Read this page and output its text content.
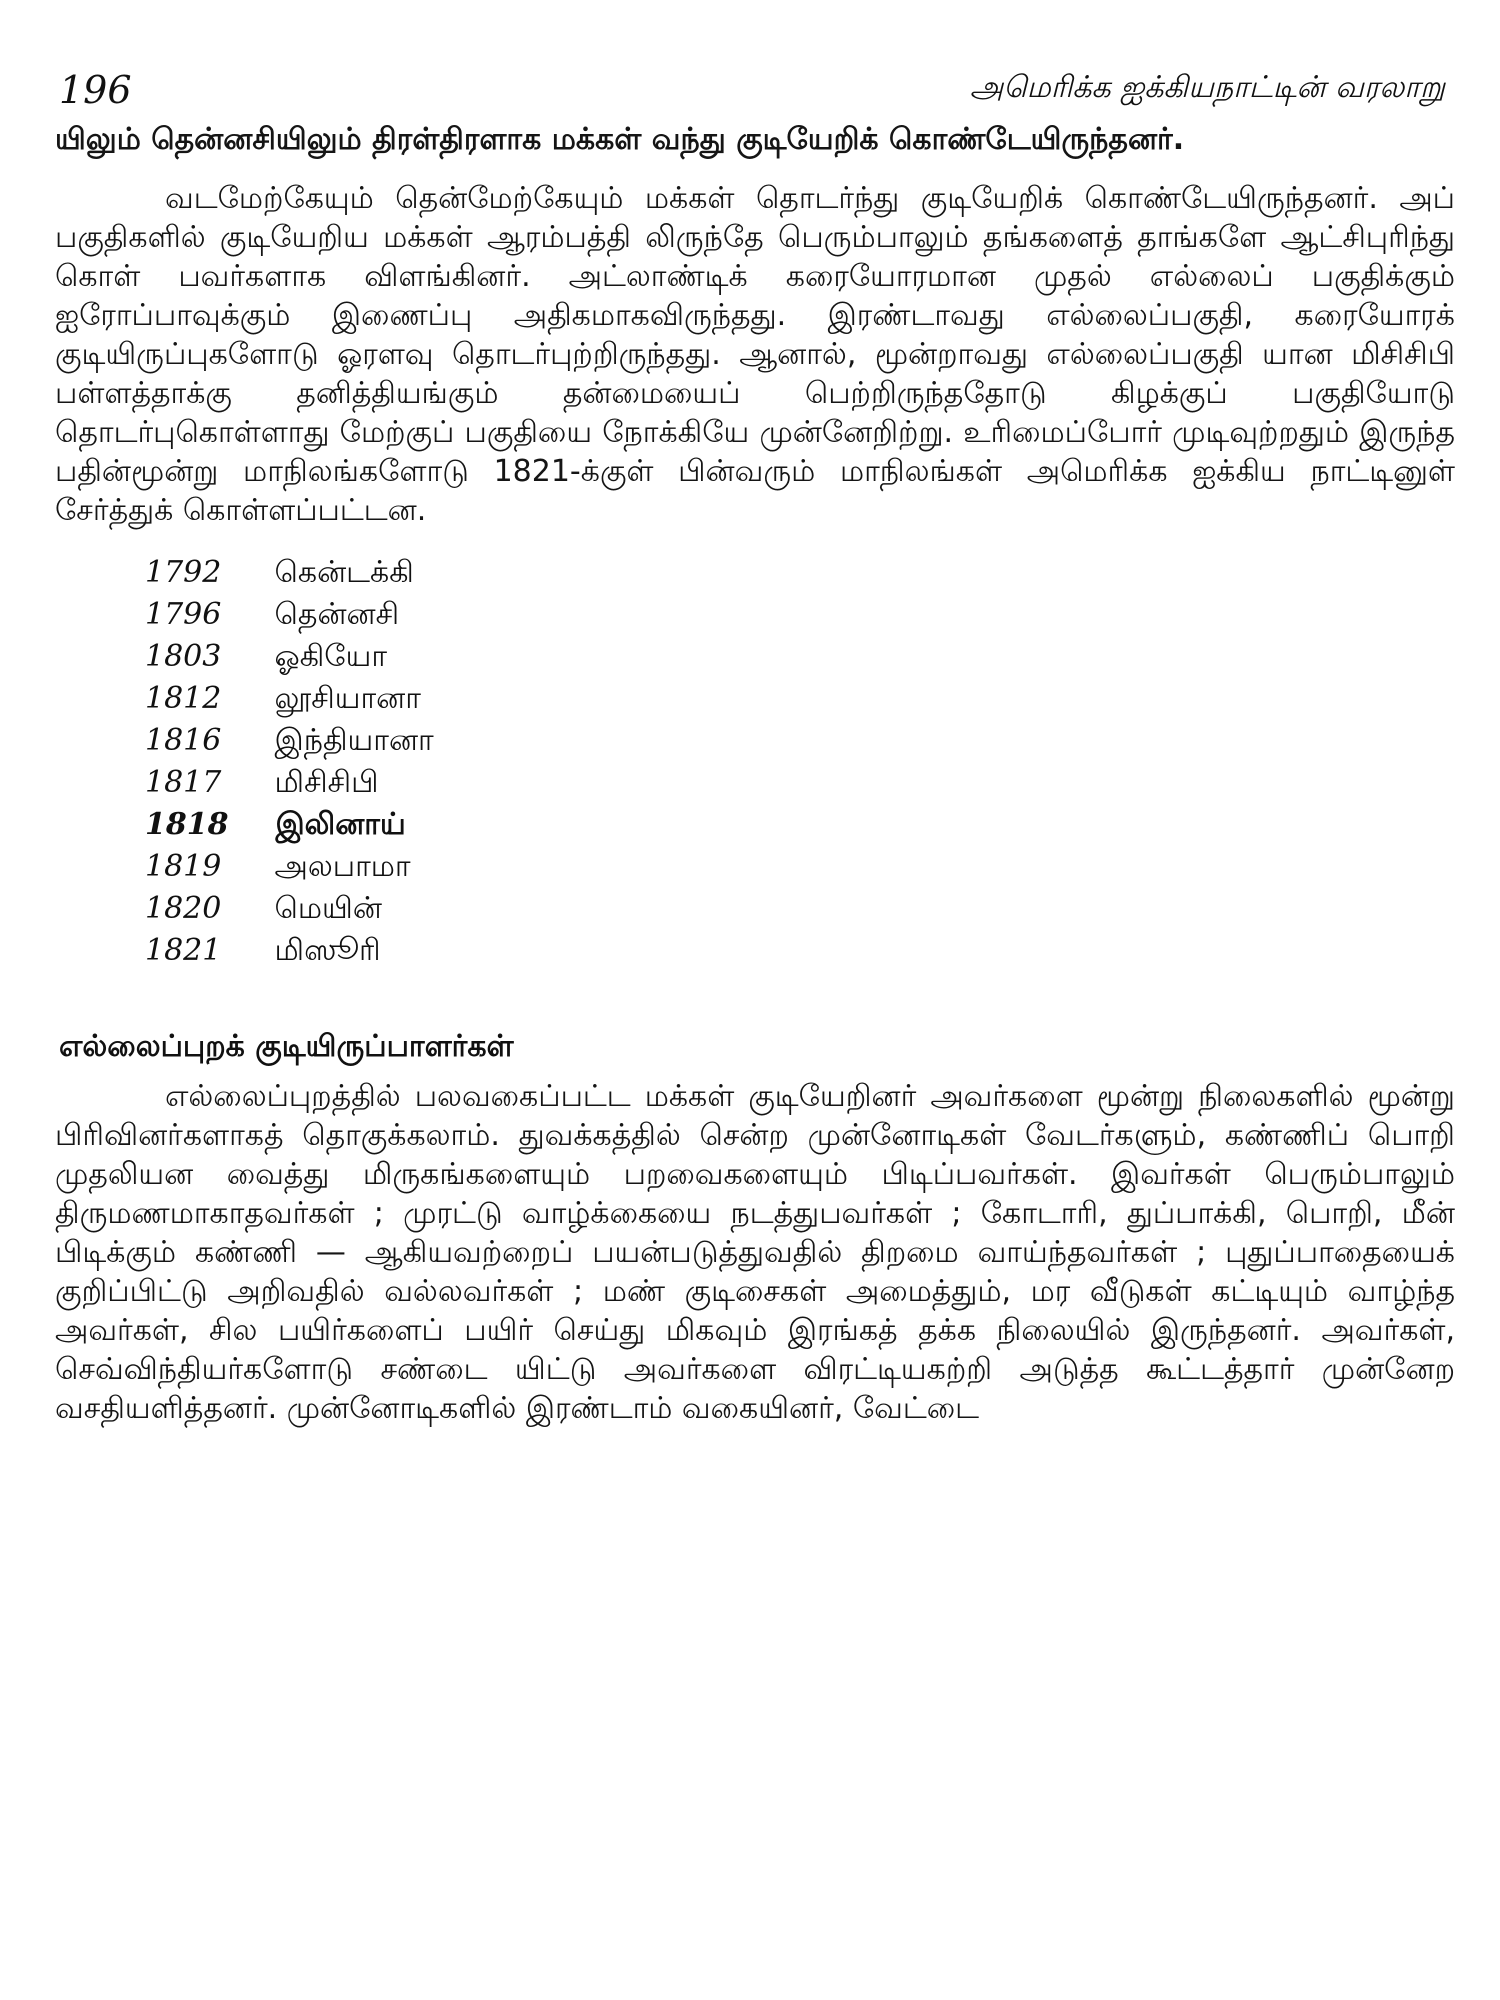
196	அமெரிக்க ஐக்கியநாட்டின் வரலாறு

யிலும் தென்னசியிலும் திரள்திரளாக மக்கள் வந்து குடியேறிக் கொண்டேயிருந்தனர்.

வடமேற்கேயும் தென்மேற்கேயும் மக்கள் தொடர்ந்து குடியேறிக் கொண்டேயிருந்தனர். அப் பகுதிகளில் குடியேறிய மக்கள் ஆரம்பத்தி லிருந்தே பெரும்பாலும் தங்களைத் தாங்களே ஆட்சிபுரிந்து கொள் பவர்களாக விளங்கினர். அட்லாண்டிக் கரையோரமான முதல் எல்லைப் பகுதிக்கும் ஐரோப்பாவுக்கும் இணைப்பு அதிகமாகவிருந்தது. இரண்டாவது எல்லைப்பகுதி, கரையோரக் குடியிருப்புகளோடு ஓரளவு தொடர்புற்றிருந்தது. ஆனால், மூன்றாவது எல்லைப்பகுதி யான மிசிசிபி பள்ளத்தாக்கு தனித்தியங்கும் தன்மையைப் பெற்றிருந்ததோடு கிழக்குப் பகுதியோடு தொடர்புகொள்ளாது மேற்குப் பகுதியை நோக்கியே முன்னேறிற்று. உரிமைப்போர் முடிவுற்றதும் இருந்த பதின்மூன்று மாநிலங்களோடு 1821-க்குள் பின்வரும் மாநிலங்கள் அமெரிக்க ஐக்கிய நாட்டினுள் சேர்த்துக் கொள்ளப்பட்டன.

1792 கென்டக்கி
1796 தென்னசி
1803 ஓகியோ
1812 லூசியானா
1816 இந்தியானா
1817 மிசிசிபி
1818 இலினாய்
1819 அலபாமா
1820 மெயின்
1821 மிஸூரி
எல்லைப்புறக் குடியிருப்பாளர்கள்

எல்லைப்புறத்தில் பலவகைப்பட்ட மக்கள் குடியேறினர் அவர்களை மூன்று நிலைகளில் மூன்று பிரிவினர்களாகத் தொகுக்கலாம். துவக்கத்தில் சென்ற முன்னோடிகள் வேடர்களும், கண்ணிப் பொறி முதலியன வைத்து மிருகங்களையும் பறவைகளையும் பிடிப்பவர்கள். இவர்கள் பெரும்பாலும் திருமணமாகாதவர்கள் ; முரட்டு வாழ்க்கையை நடத்துபவர்கள் ; கோடாரி, துப்பாக்கி, பொறி, மீன் பிடிக்கும் கண்ணி — ஆகியவற்றைப் பயன்படுத்துவதில் திறமை வாய்ந்தவர்கள் ; புதுப்பாதையைக் குறிப்பிட்டு அறிவதில் வல்லவர்கள் ; மண் குடிசைகள் அமைத்தும், மர வீடுகள் கட்டியும் வாழ்ந்த அவர்கள், சில பயிர்களைப் பயிர் செய்து மிகவும் இரங்கத் தக்க நிலையில் இருந்தனர். அவர்கள், செவ்விந்தியர்களோடு சண்டை யிட்டு அவர்களை விரட்டியகற்றி அடுத்த கூட்டத்தார் முன்னேற வசதியளித்தனர். முன்னோடிகளில் இரண்டாம் வகையினர், வேட்டை
